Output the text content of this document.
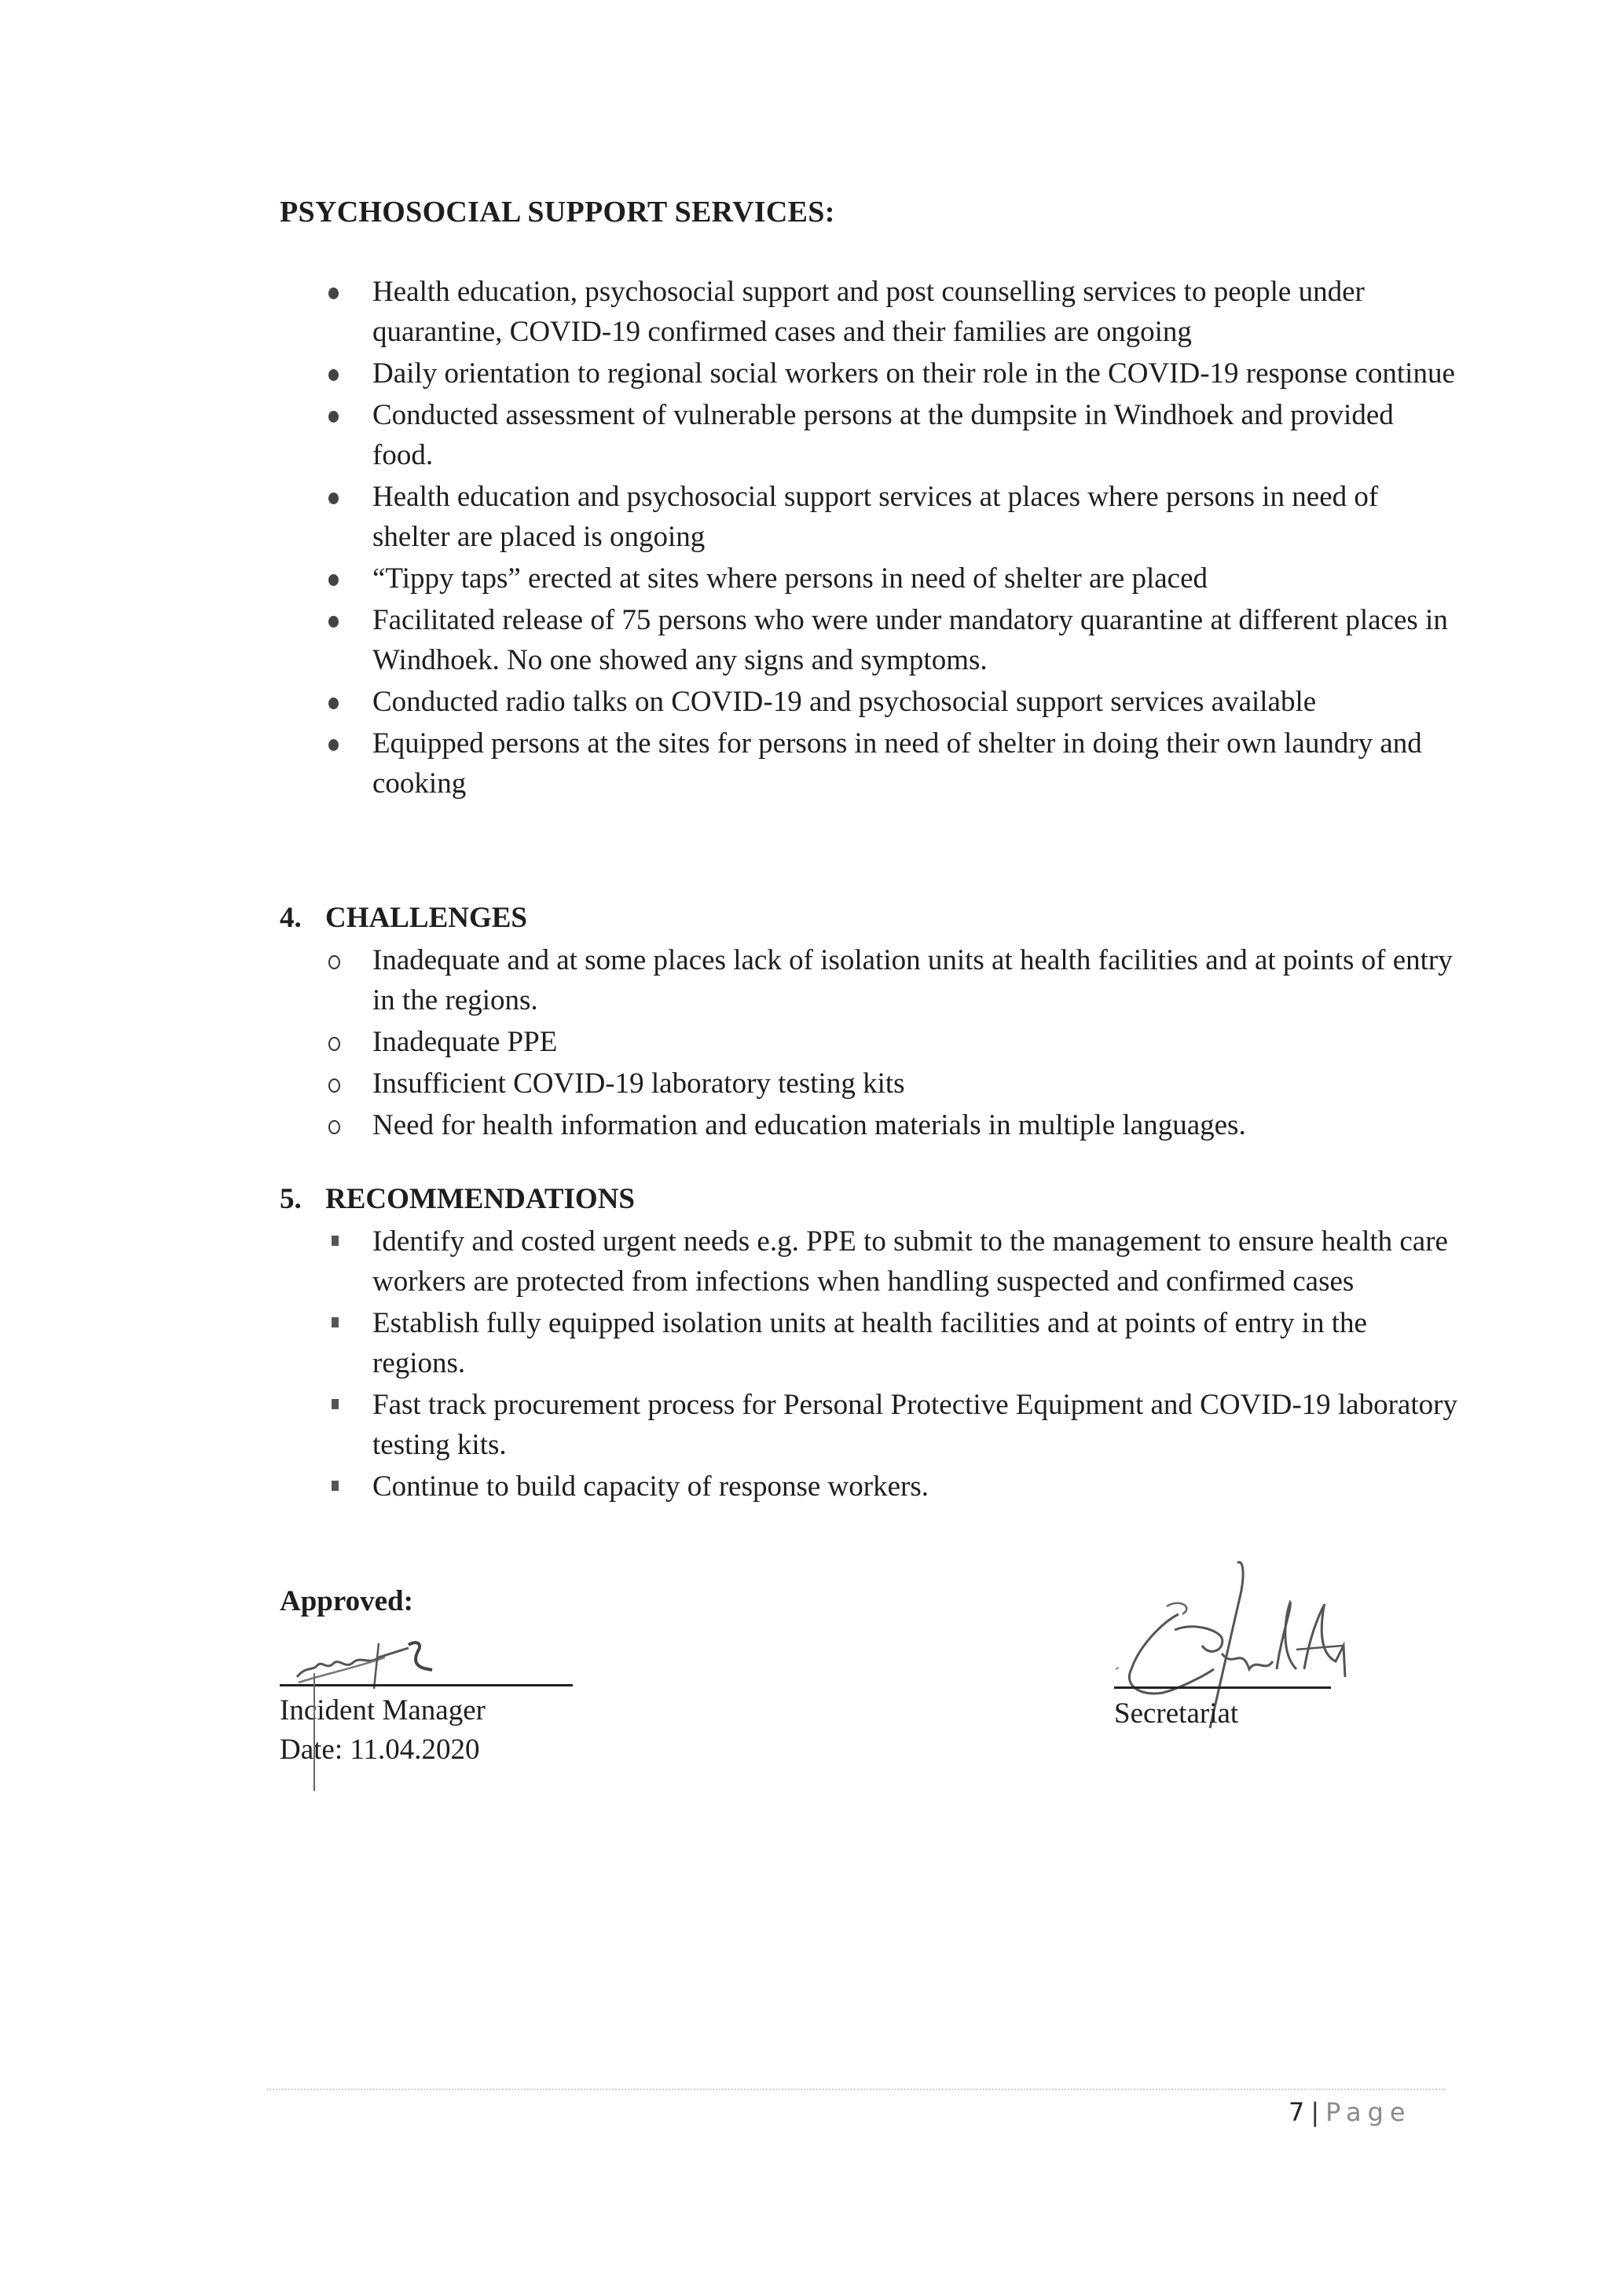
PSYCHOSOCIAL SUPPORT SERVICES:
Health education, psychosocial support and post counselling services to people under quarantine, COVID-19 confirmed cases and their families are ongoing
Daily orientation to regional social workers on their role in the COVID-19 response continue
Conducted assessment of vulnerable persons at the dumpsite in Windhoek and provided food.
Health education and psychosocial support services at places where persons in need of shelter are placed is ongoing
“Tippy taps” erected at sites where persons in need of shelter are placed
Facilitated release of 75 persons who were under mandatory quarantine at different places in Windhoek. No one showed any signs and symptoms.
Conducted radio talks on COVID-19 and psychosocial support services available
Equipped persons at the sites for persons in need of shelter in doing their own laundry and cooking
4. CHALLENGES
Inadequate and at some places lack of isolation units at health facilities and at points of entry in the regions.
Inadequate PPE
Insufficient COVID-19 laboratory testing kits
Need for health information and education materials in multiple languages.
5. RECOMMENDATIONS
Identify and costed urgent needs e.g. PPE to submit to the management to ensure health care workers are protected from infections when handling suspected and confirmed cases
Establish fully equipped isolation units at health facilities and at points of entry in the regions.
Fast track procurement process for Personal Protective Equipment and COVID-19 laboratory testing kits.
Continue to build capacity of response workers.
Approved:
Incident Manager
Date: 11.04.2020
Secretariat
7 | Page
